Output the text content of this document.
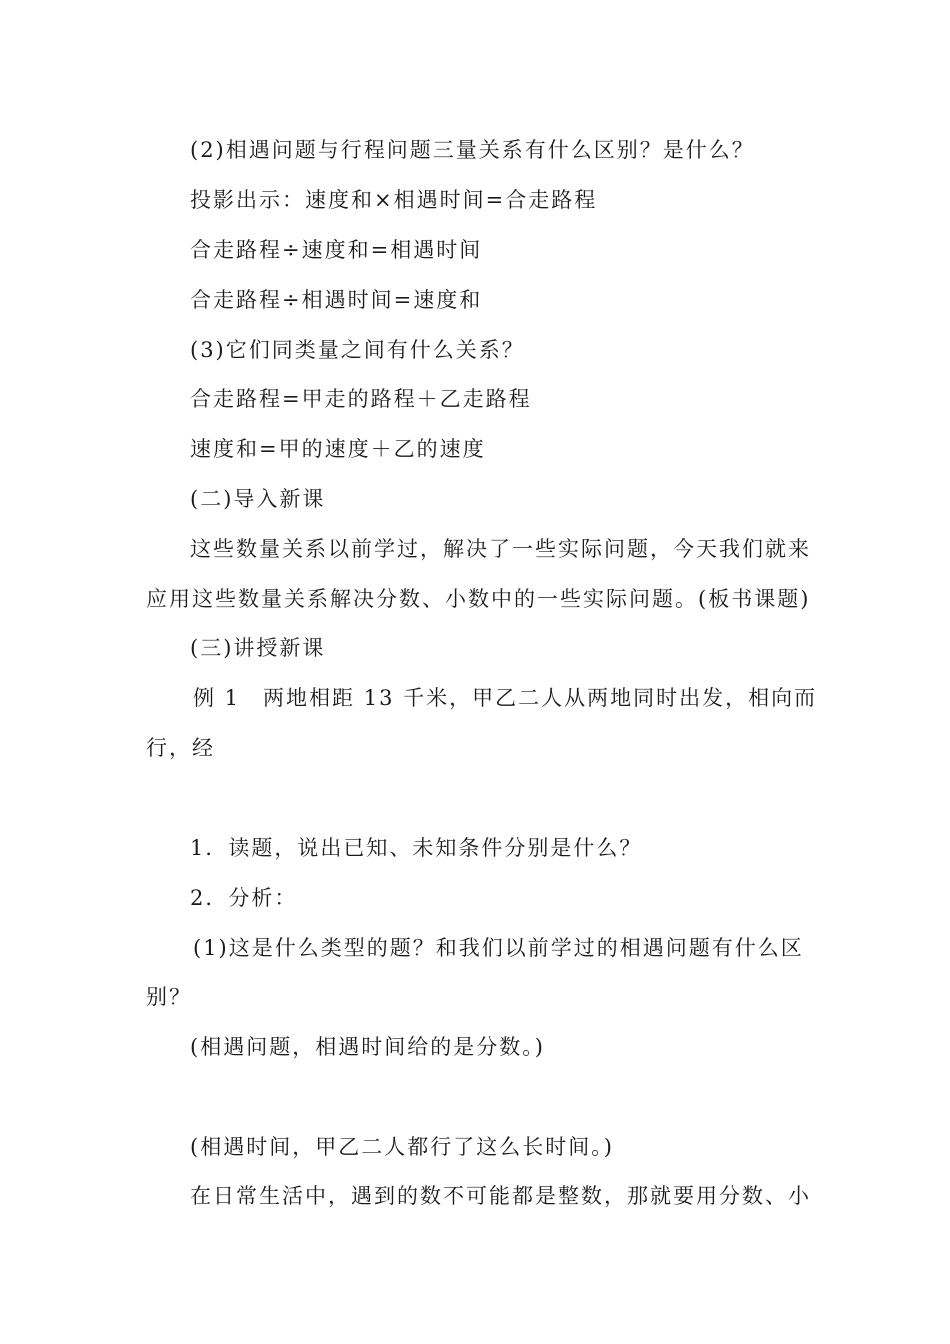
(2)相遇问题与行程问题三量关系有什么区别？是什么？
投影出示：速度和×相遇时间=合走路程
合走路程÷速度和=相遇时间
合走路程÷相遇时间=速度和
(3)它们同类量之间有什么关系？
合走路程=甲走的路程＋乙走路程
速度和=甲的速度＋乙的速度
(二)导入新课
这些数量关系以前学过，解决了一些实际问题，今天我们就来
应用这些数量关系解决分数、小数中的一些实际问题。(板书课题)
(三)讲授新课
例 1　两地相距 13 千米，甲乙二人从两地同时出发，相向而
行，经
1．读题，说出已知、未知条件分别是什么？
2．分析：
(1)这是什么类型的题？和我们以前学过的相遇问题有什么区
别？
(相遇问题，相遇时间给的是分数。)
(相遇时间，甲乙二人都行了这么长时间。)
在日常生活中，遇到的数不可能都是整数，那就要用分数、小
